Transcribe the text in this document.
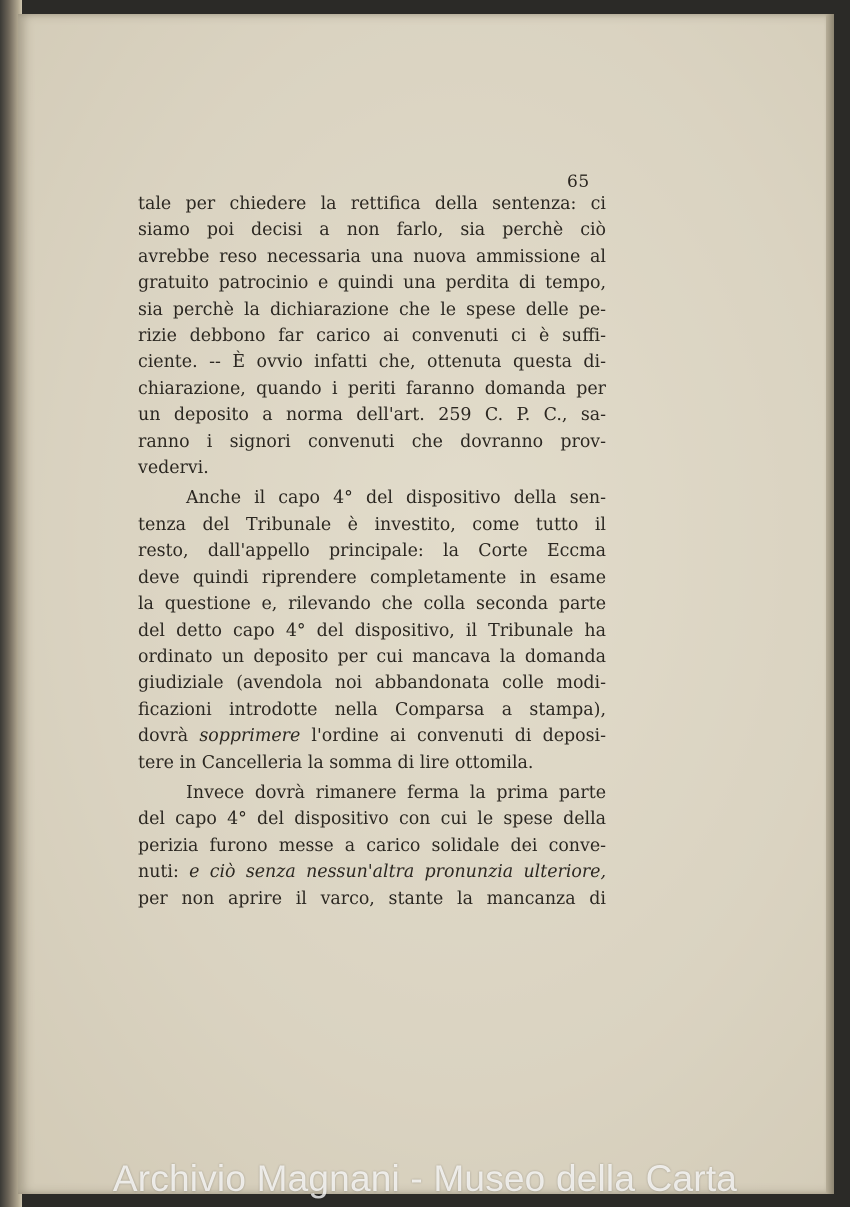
65
tale per chiedere la rettifica della sentenza: ci
siamo poi decisi a non farlo, sia perchè ciò
avrebbe reso necessaria una nuova ammissione al
gratuito patrocinio e quindi una perdita di tempo,
sia perchè la dichiarazione che le spese delle pe-
rizie debbono far carico ai convenuti ci è suffi-
ciente. -- È ovvio infatti che, ottenuta questa di-
chiarazione, quando i periti faranno domanda per
un deposito a norma dell'art. 259 C. P. C., sa-
ranno i signori convenuti che dovranno prov-
vedervi.
Anche il capo 4° del dispositivo della sen-
tenza del Tribunale è investito, come tutto il
resto, dall'appello principale: la Corte Eccma
deve quindi riprendere completamente in esame
la questione e, rilevando che colla seconda parte
del detto capo 4° del dispositivo, il Tribunale ha
ordinato un deposito per cui mancava la domanda
giudiziale (avendola noi abbandonata colle modi-
ficazioni introdotte nella Comparsa a stampa),
dovrà sopprimere l'ordine ai convenuti di deposi-
tere in Cancelleria la somma di lire ottomila.
Invece dovrà rimanere ferma la prima parte
del capo 4° del dispositivo con cui le spese della
perizia furono messe a carico solidale dei conve-
nuti: e ciò senza nessun'altra pronunzia ulteriore,
per non aprire il varco, stante la mancanza di
Archivio Magnani - Museo della Carta
